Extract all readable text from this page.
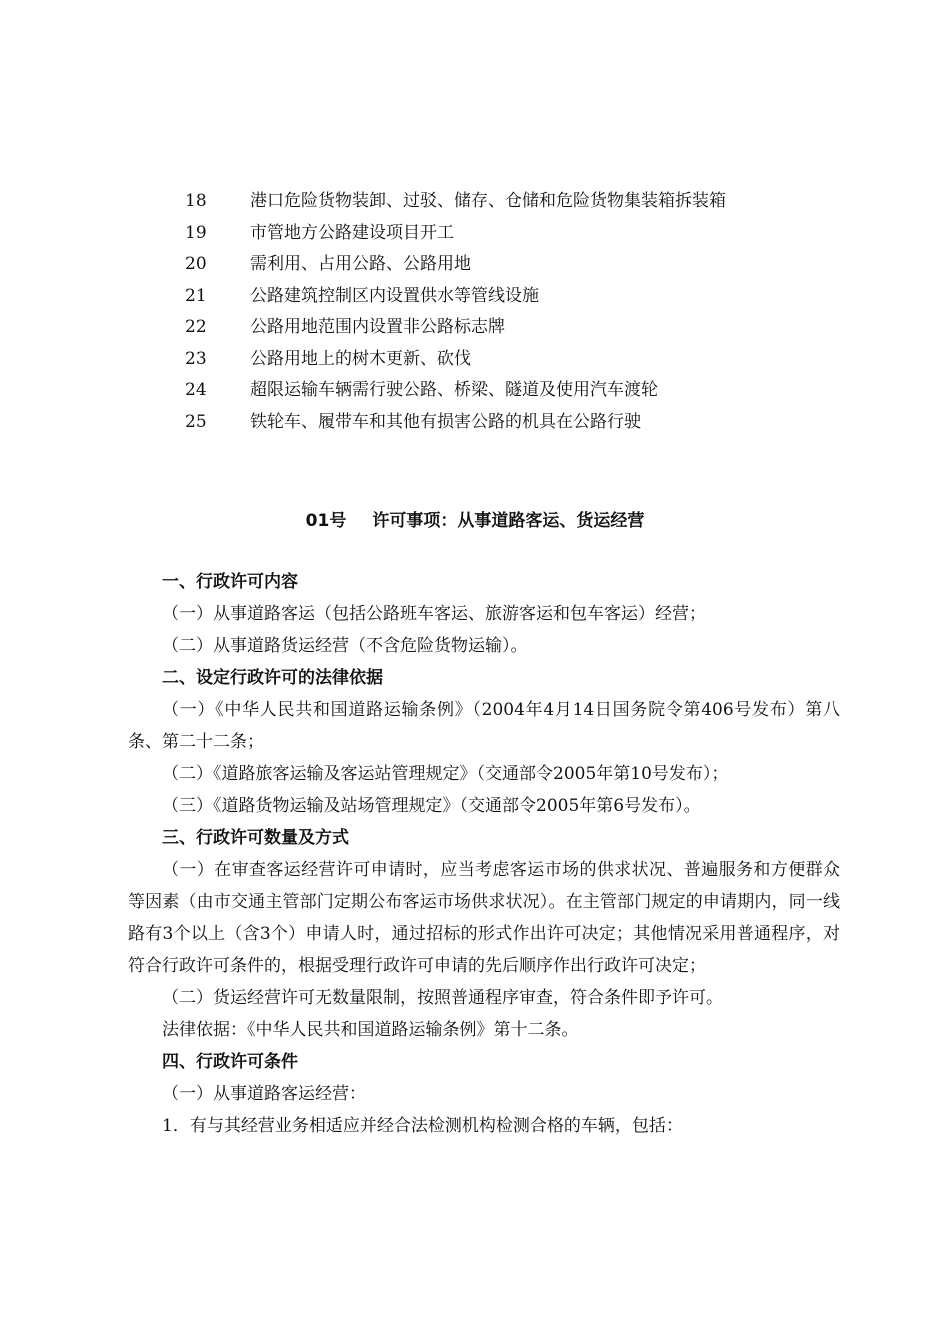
18	港口危险货物装卸、过驳、储存、仓储和危险货物集装箱拆装箱
19	市管地方公路建设项目开工
20	需利用、占用公路、公路用地
21	公路建筑控制区内设置供水等管线设施
22	公路用地范围内设置非公路标志牌
23	公路用地上的树木更新、砍伐
24	超限运输车辆需行驶公路、桥梁、隧道及使用汽车渡轮
25	铁轮车、履带车和其他有损害公路的机具在公路行驶
01号 许可事项：从事道路客运、货运经营

一、行政许可内容

（一）从事道路客运（包括公路班车客运、旅游客运和包车客运）经营；

（二）从事道路货运经营（不含危险货物运输）。

二、设定行政许可的法律依据

（一）《中华人民共和国道路运输条例》（2004年4月14日国务院令第406号发布）第八条、第二十二条；

（二）《道路旅客运输及客运站管理规定》（交通部令2005年第10号发布）；

（三）《道路货物运输及站场管理规定》（交通部令2005年第6号发布）。

三、行政许可数量及方式

（一）在审查客运经营许可申请时，应当考虑客运市场的供求状况、普遍服务和方便群众等因素（由市交通主管部门定期公布客运市场供求状况）。在主管部门规定的申请期内，同一线路有3个以上（含3个）申请人时，通过招标的形式作出许可决定；其他情况采用普通程序，对符合行政许可条件的，根据受理行政许可申请的先后顺序作出行政许可决定；

（二）货运经营许可无数量限制，按照普通程序审查，符合条件即予许可。

法律依据：《中华人民共和国道路运输条例》第十二条。

四、行政许可条件

（一）从事道路客运经营：

1．有与其经营业务相适应并经合法检测机构检测合格的车辆，包括：
